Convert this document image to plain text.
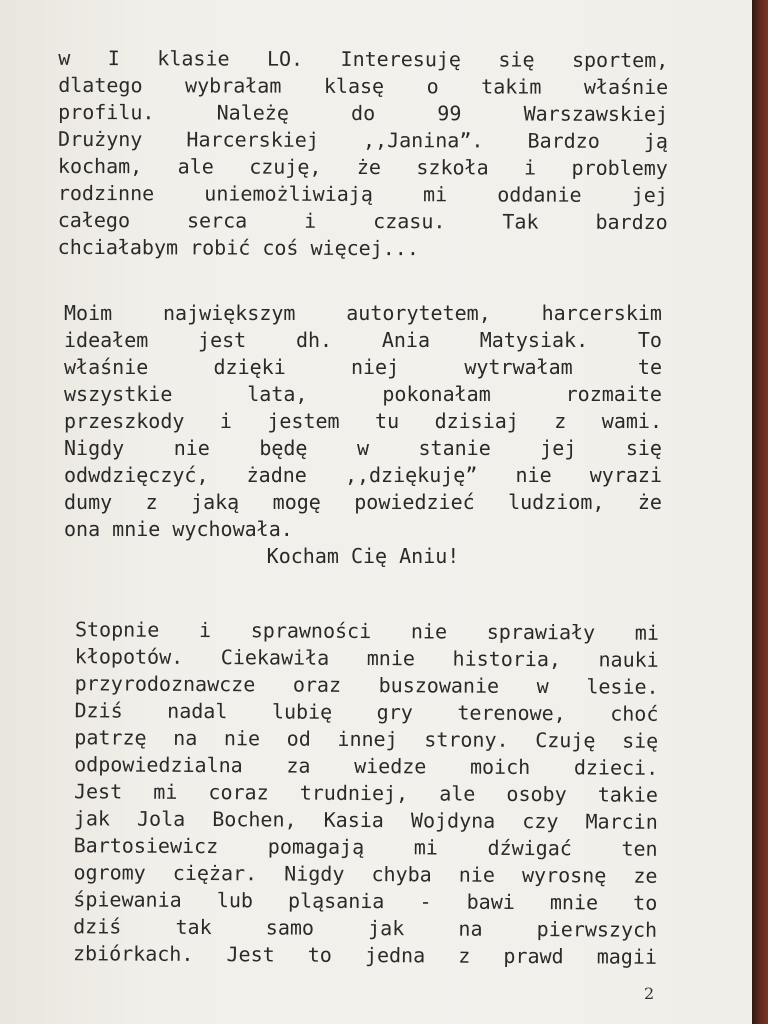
w I klasie LO. Interesuję się sportem,
dlatego wybrałam klasę o takim właśnie
profilu.	Należę	do	99	Warszawskiej
Drużyny Harcerskiej ,,Janina”. Bardzo ją
kocham, ale czuję, że szkoła i problemy
rodzinne	uniemożliwiają	mi	oddanie	jej
całego	serca	i	czasu.	Tak	bardzo
chciałabym robić coś więcej...
Moim	największym	autorytetem,	harcerskim
ideałem jest dh. Ania Matysiak. To
właśnie	dzięki	niej	wytrwałam	te
wszystkie	lata,	pokonałam	rozmaite
przeszkody i jestem tu dzisiaj z wami.
Nigdy nie będę w stanie jej się
odwdzięczyć, żadne ,,dziękuję” nie wyrazi
dumy z jaką mogę powiedzieć ludziom, że
ona mnie wychowała.
Kocham Cię Aniu!
Stopnie i sprawności nie sprawiały mi
kłopotów. Ciekawiła mnie historia, nauki
przyrodoznawcze oraz buszowanie w lesie.
Dziś nadal lubię gry terenowe, choć
patrzę na nie od innej strony. Czuję się
odpowiedzialna za wiedze moich dzieci.
Jest mi coraz trudniej, ale osoby takie
jak Jola Bochen, Kasia Wojdyna czy Marcin
Bartosiewicz pomagają mi dźwigać ten
ogromy ciężar. Nigdy chyba nie wyrosnę ze
śpiewania lub pląsania - bawi mnie to
dziś	tak	samo	jak	na	pierwszych
zbiórkach. Jest to jedna z prawd magii
2
